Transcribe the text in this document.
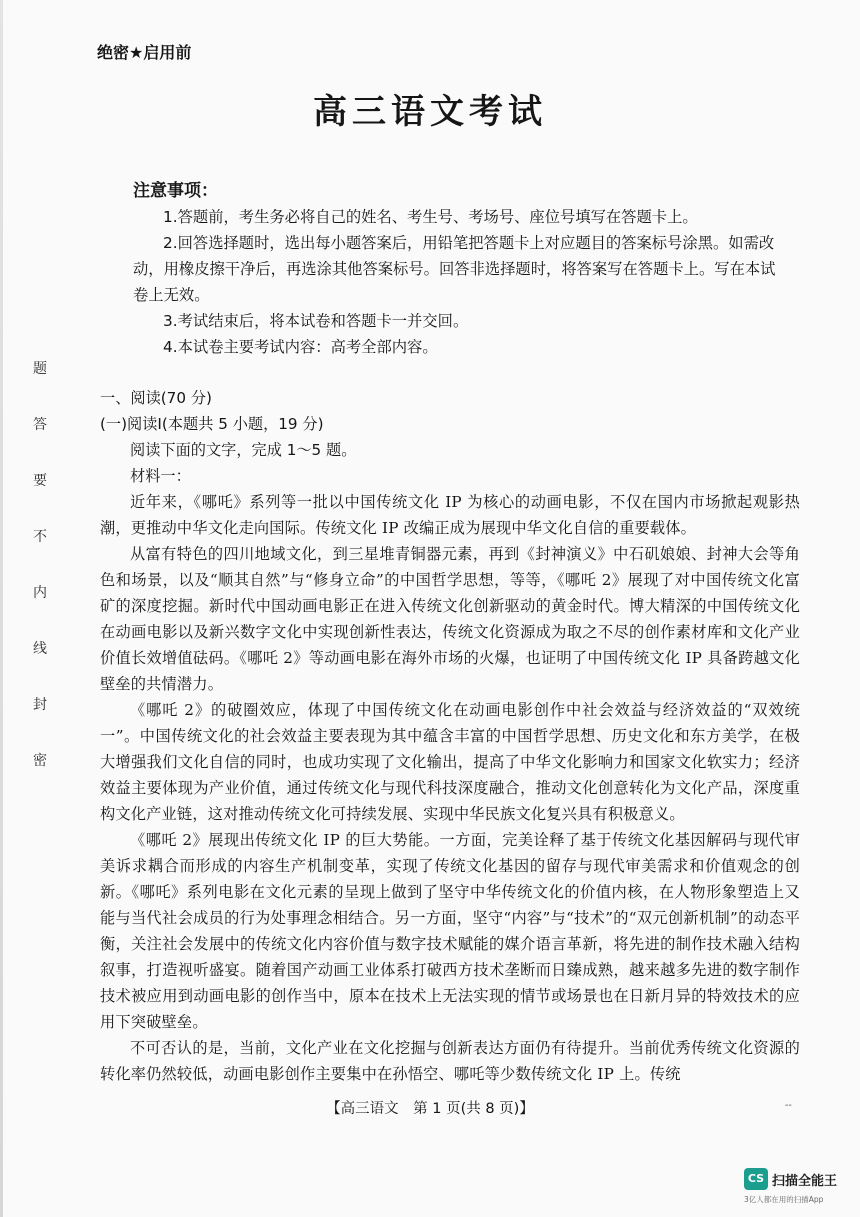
题
答
要
不
内
线
封
密
绝密★启用前
高三语文考试
注意事项：

1.答题前，考生务必将自己的姓名、考生号、考场号、座位号填写在答题卡上。

2.回答选择题时，选出每小题答案后，用铅笔把答题卡上对应题目的答案标号涂黑。如需改动，用橡皮擦干净后，再选涂其他答案标号。回答非选择题时，将答案写在答题卡上。写在本试卷上无效。

3.考试结束后，将本试卷和答题卡一并交回。

4.本试卷主要考试内容：高考全部内容。

一、阅读(70 分)

(一)阅读Ⅰ(本题共 5 小题，19 分)

阅读下面的文字，完成 1～5 题。

材料一：

近年来，《哪吒》系列等一批以中国传统文化 IP 为核心的动画电影，不仅在国内市场掀起观影热潮，更推动中华文化走向国际。传统文化 IP 改编正成为展现中华文化自信的重要载体。

从富有特色的四川地域文化，到三星堆青铜器元素，再到《封神演义》中石矶娘娘、封神大会等角色和场景，以及“顺其自然”与“修身立命”的中国哲学思想，等等，《哪吒 2》展现了对中国传统文化富矿的深度挖掘。新时代中国动画电影正在进入传统文化创新驱动的黄金时代。博大精深的中国传统文化在动画电影以及新兴数字文化中实现创新性表达，传统文化资源成为取之不尽的创作素材库和文化产业价值长效增值砝码。《哪吒 2》等动画电影在海外市场的火爆，也证明了中国传统文化 IP 具备跨越文化壁垒的共情潜力。

《哪吒 2》的破圈效应，体现了中国传统文化在动画电影创作中社会效益与经济效益的“双效统一”。中国传统文化的社会效益主要表现为其中蕴含丰富的中国哲学思想、历史文化和东方美学，在极大增强我们文化自信的同时，也成功实现了文化输出，提高了中华文化影响力和国家文化软实力；经济效益主要体现为产业价值，通过传统文化与现代科技深度融合，推动文化创意转化为文化产品，深度重构文化产业链，这对推动传统文化可持续发展、实现中华民族文化复兴具有积极意义。

《哪吒 2》展现出传统文化 IP 的巨大势能。一方面，完美诠释了基于传统文化基因解码与现代审美诉求耦合而形成的内容生产机制变革，实现了传统文化基因的留存与现代审美需求和价值观念的创新。《哪吒》系列电影在文化元素的呈现上做到了坚守中华传统文化的价值内核，在人物形象塑造上又能与当代社会成员的行为处事理念相结合。另一方面，坚守“内容”与“技术”的“双元创新机制”的动态平衡，关注社会发展中的传统文化内容价值与数字技术赋能的媒介语言革新，将先进的制作技术融入结构叙事，打造视听盛宴。随着国产动画工业体系打破西方技术垄断而日臻成熟，越来越多先进的数字制作技术被应用到动画电影的创作当中，原本在技术上无法实现的情节或场景也在日新月异的特效技术的应用下突破壁垒。

不可否认的是，当前，文化产业在文化挖掘与创新表达方面仍有待提升。当前优秀传统文化资源的转化率仍然较低，动画电影创作主要集中在孙悟空、哪吒等少数传统文化 IP 上。传统

【高三语文　第 1 页(共 8 页)】	--
CS 扫描全能王
3亿人都在用的扫描App
